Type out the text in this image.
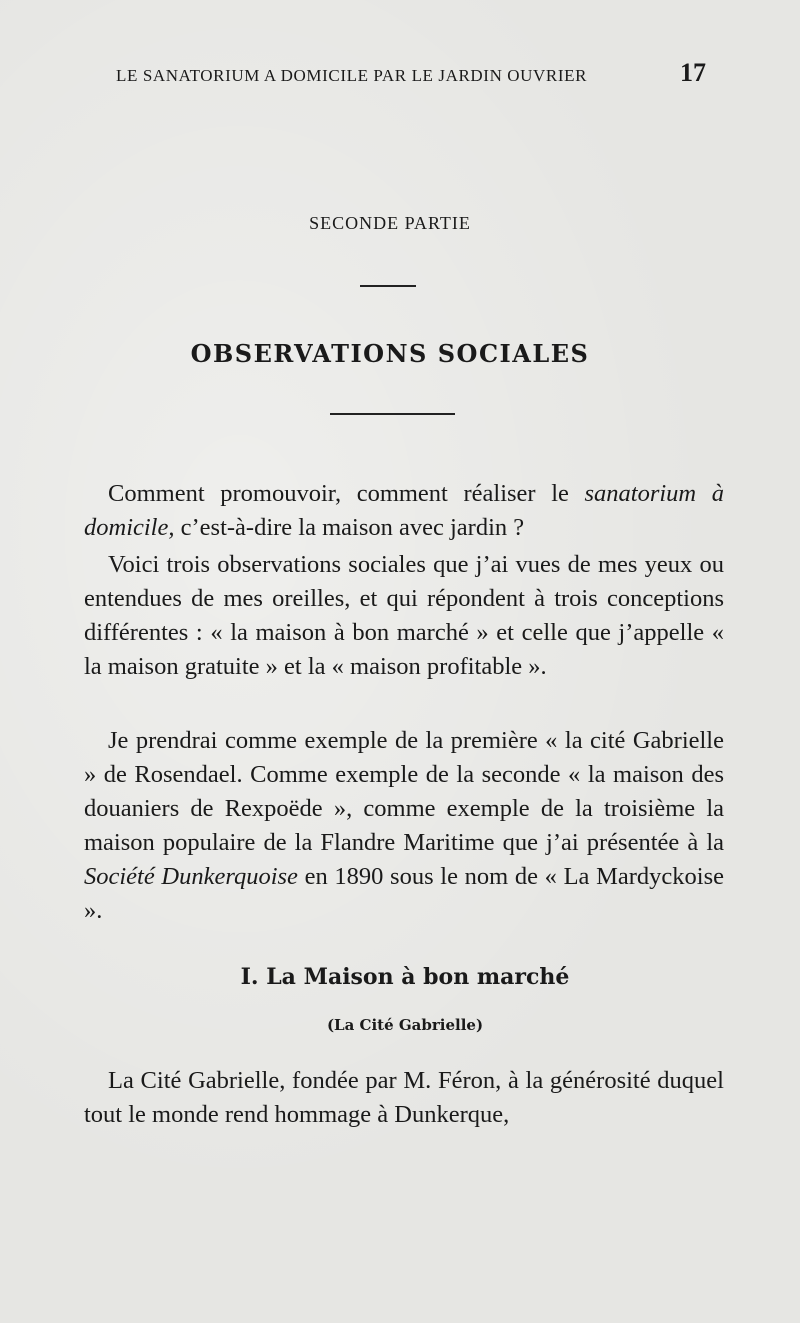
LE SANATORIUM A DOMICILE PAR LE JARDIN OUVRIER	17
SECONDE PARTIE
OBSERVATIONS SOCIALES

Comment promouvoir, comment réaliser le sanatorium à domicile, c’est-à-dire la maison avec jardin ?

Voici trois observations sociales que j’ai vues de mes yeux ou entendues de mes oreilles, et qui répondent à trois conceptions différentes : « la maison à bon marché » et celle que j’appelle « la maison gratuite » et la « maison profitable ».

Je prendrai comme exemple de la première « la cité Gabrielle » de Rosendael. Comme exemple de la seconde « la maison des douaniers de Rexpoëde », comme exemple de la troisième la maison populaire de la Flandre Maritime que j’ai présentée à la Société Dunkerquoise en 1890 sous le nom de « La Mardyckoise ».

I. La Maison à bon marché
(La Cité Gabrielle)

La Cité Gabrielle, fondée par M. Féron, à la générosité duquel tout le monde rend hommage à Dunkerque,
